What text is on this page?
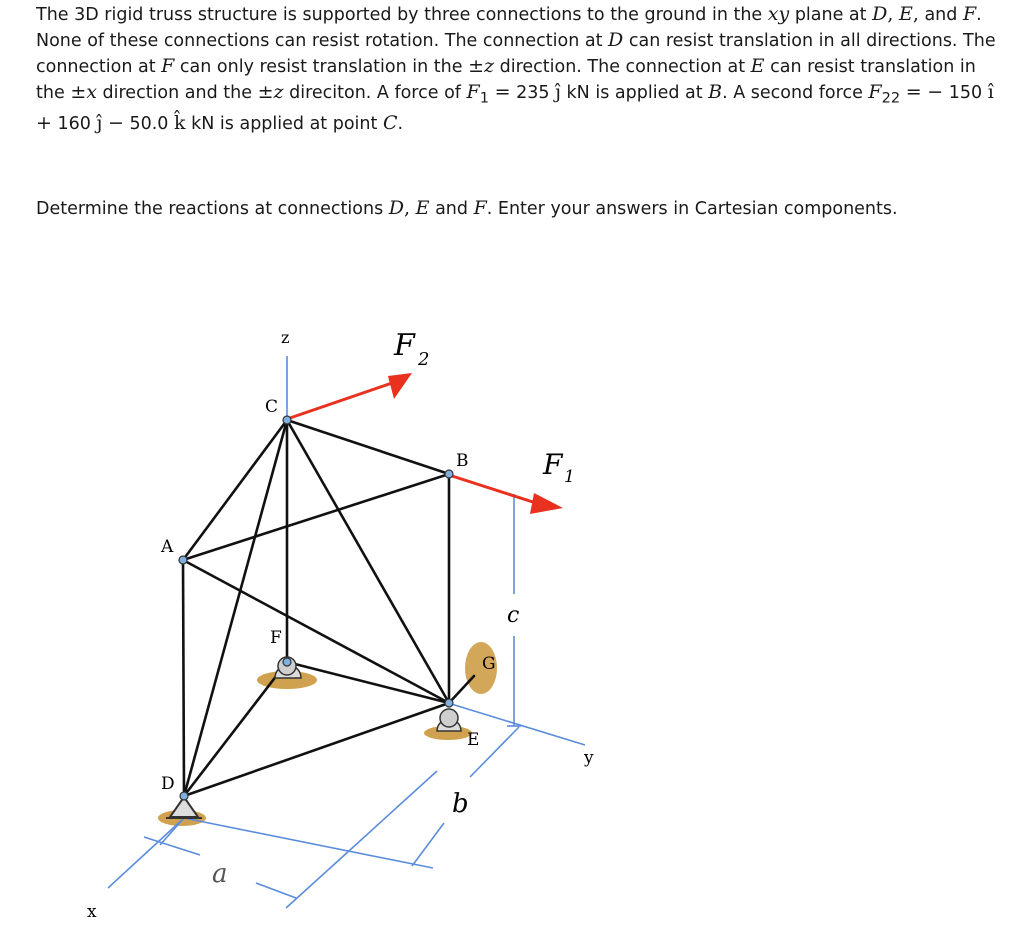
The 3D rigid truss structure is supported by three connections to the ground in the xy plane at D, E, and F. None of these connections can resist rotation. The connection at D can resist translation in all directions. The connection at F can only resist translation in the ±z direction. The connection at E can resist translation in the ±x direction and the ±z direciton. A force of $F_1 = 235$ ĵ kN is applied at B. A second force $F_{22}$ = − 150 î + 160 ĵ − 50.0 k̂ kN is applied at point C.

Determine the reactions at connections D, E and F. Enter your answers in Cartesian components.
z
C
F 2
B	F 1
A
c
F
G
E
y
D
b
a
x
